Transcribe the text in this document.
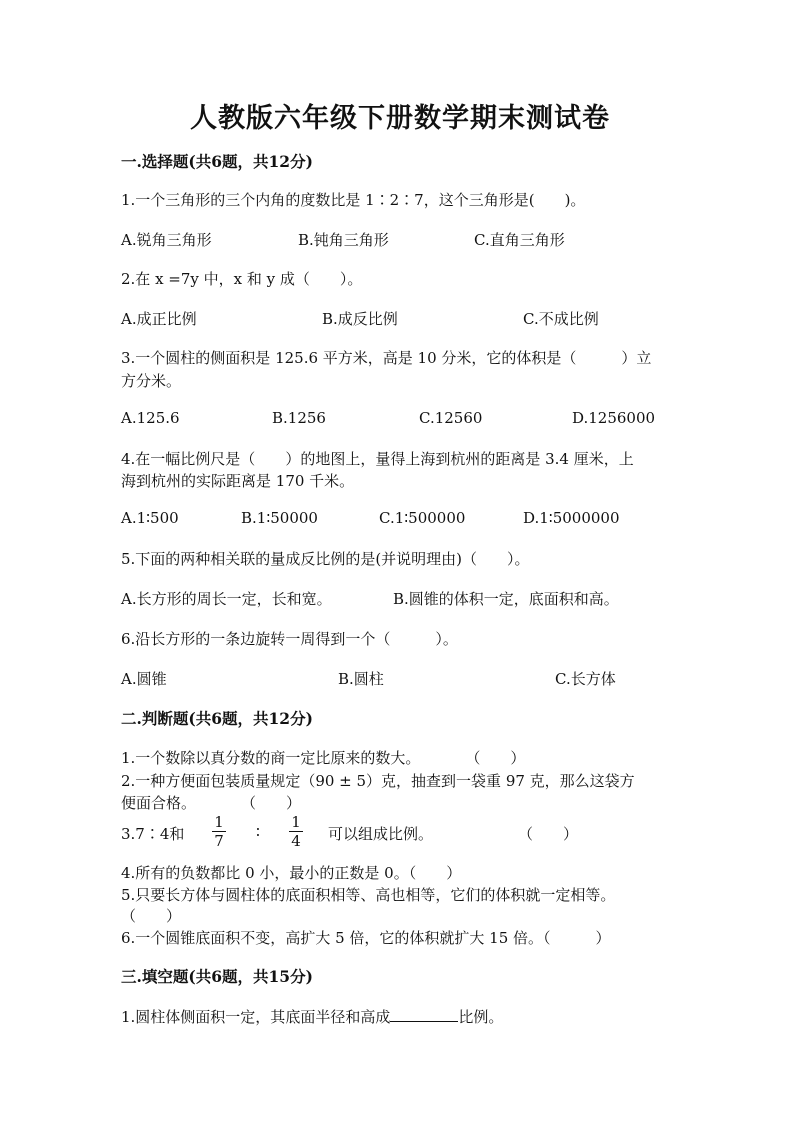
人教版六年级下册数学期末测试卷
一.选择题(共6题，共12分)
1.一个三角形的三个内角的度数比是 1∶2∶7，这个三角形是(　　)。
A.锐角三角形	B.钝角三角形	C.直角三角形
2.在 x =7y 中，x 和 y 成（　　）。
A.成正比例	B.成反比例	C.不成比例
3.一个圆柱的侧面积是 125.6 平方米，高是 10 分米，它的体积是（　　　）立
方分米。
A.125.6	B.1256	C.12560	D.1256000
4.在一幅比例尺是（　　）的地图上，量得上海到杭州的距离是 3.4 厘米，上
海到杭州的实际距离是 170 千米。
A.1∶500	B.1∶50000	C.1∶500000	D.1∶5000000
5.下面的两种相关联的量成反比例的是(并说明理由)（　　）。
A.长方形的周长一定，长和宽。	B.圆锥的体积一定，底面积和高。
6.沿长方形的一条边旋转一周得到一个（　　　）。
A.圆锥	B.圆柱	C.长方体
二.判断题(共6题，共12分)
1.一个数除以真分数的商一定比原来的数大。　　　　（　　）
2.一种方便面包装质量规定（90 ± 5）克，抽查到一袋重 97 克，那么这袋方
便面合格。　　　　（　　）
3.7∶4和 $\frac{1}{7}$ ∶ $\frac{1}{4}$ 可以组成比例。	（　　）
4.所有的负数都比 0 小，最小的正数是 0。（　　）
5.只要长方体与圆柱体的底面积相等、高也相等，它们的体积就一定相等。
（　　）
6.一个圆锥底面积不变，高扩大 5 倍，它的体积就扩大 15 倍。（　　　）
三.填空题(共6题，共15分)
1.圆柱体侧面积一定，其底面半径和高成	比例。
